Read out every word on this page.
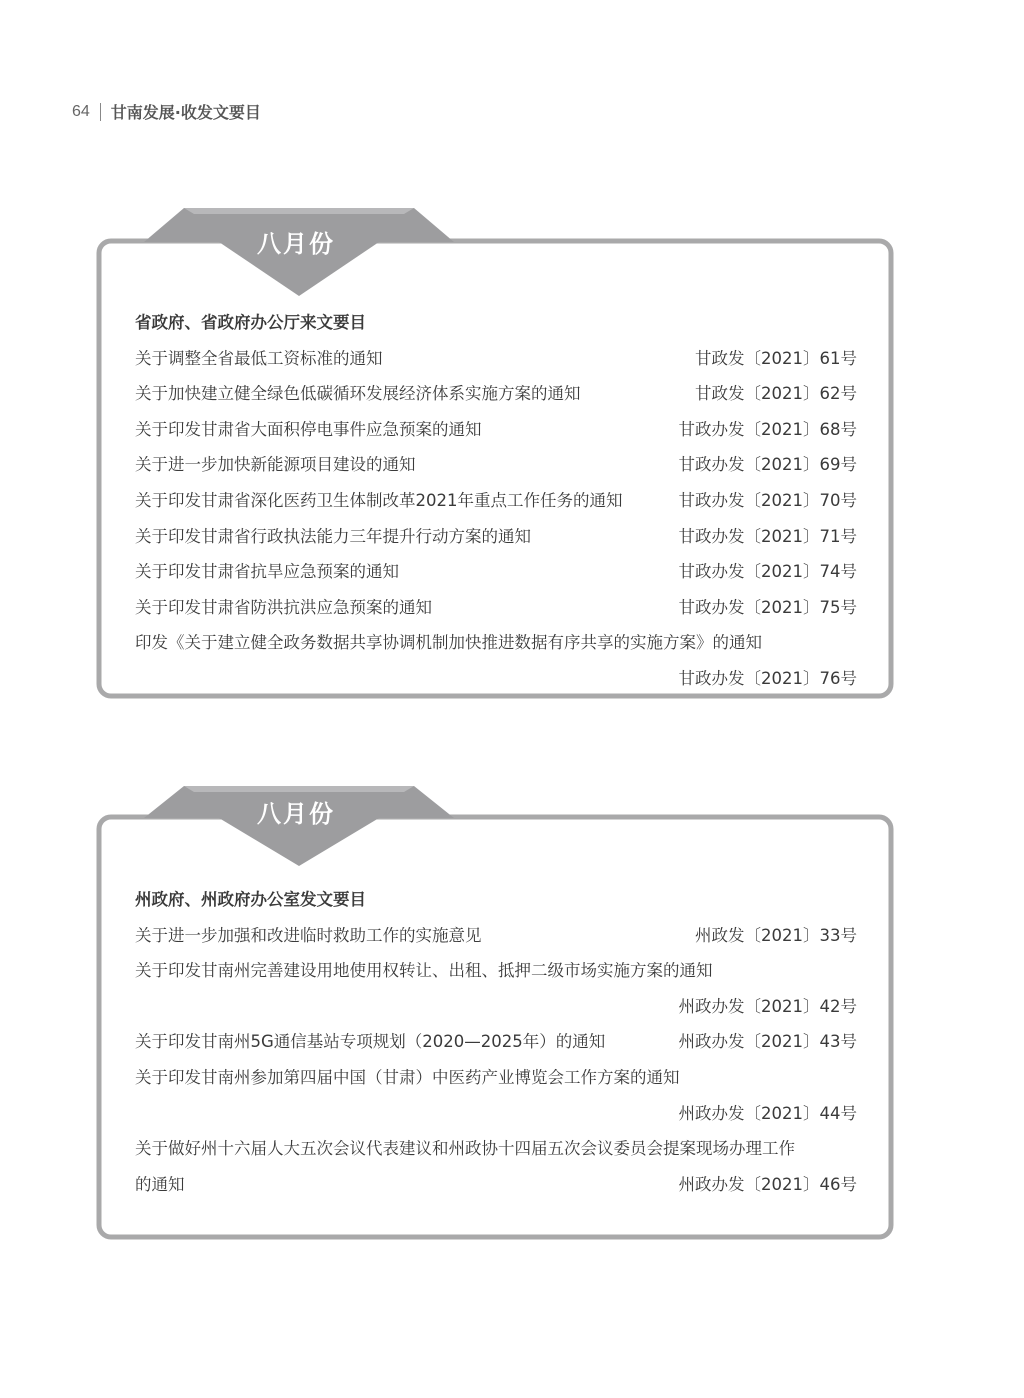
64 甘南发展·收发文要目
八月份
省政府、省政府办公厅来文要目
关于调整全省最低工资标准的通知	甘政发〔2021〕61号
关于加快建立健全绿色低碳循环发展经济体系实施方案的通知	甘政发〔2021〕62号
关于印发甘肃省大面积停电事件应急预案的通知	甘政办发〔2021〕68号
关于进一步加快新能源项目建设的通知	甘政办发〔2021〕69号
关于印发甘肃省深化医药卫生体制改革2021年重点工作任务的通知	甘政办发〔2021〕70号
关于印发甘肃省行政执法能力三年提升行动方案的通知	甘政办发〔2021〕71号
关于印发甘肃省抗旱应急预案的通知	甘政办发〔2021〕74号
关于印发甘肃省防洪抗洪应急预案的通知	甘政办发〔2021〕75号
印发《关于建立健全政务数据共享协调机制加快推进数据有序共享的实施方案》的通知
甘政办发〔2021〕76号
八月份
州政府、州政府办公室发文要目
关于进一步加强和改进临时救助工作的实施意见	州政发〔2021〕33号
关于印发甘南州完善建设用地使用权转让、出租、抵押二级市场实施方案的通知
州政办发〔2021〕42号
关于印发甘南州5G通信基站专项规划（2020—2025年）的通知	州政办发〔2021〕43号
关于印发甘南州参加第四届中国（甘肃）中医药产业博览会工作方案的通知
州政办发〔2021〕44号
关于做好州十六届人大五次会议代表建议和州政协十四届五次会议委员会提案现场办理工作
的通知	州政办发〔2021〕46号
